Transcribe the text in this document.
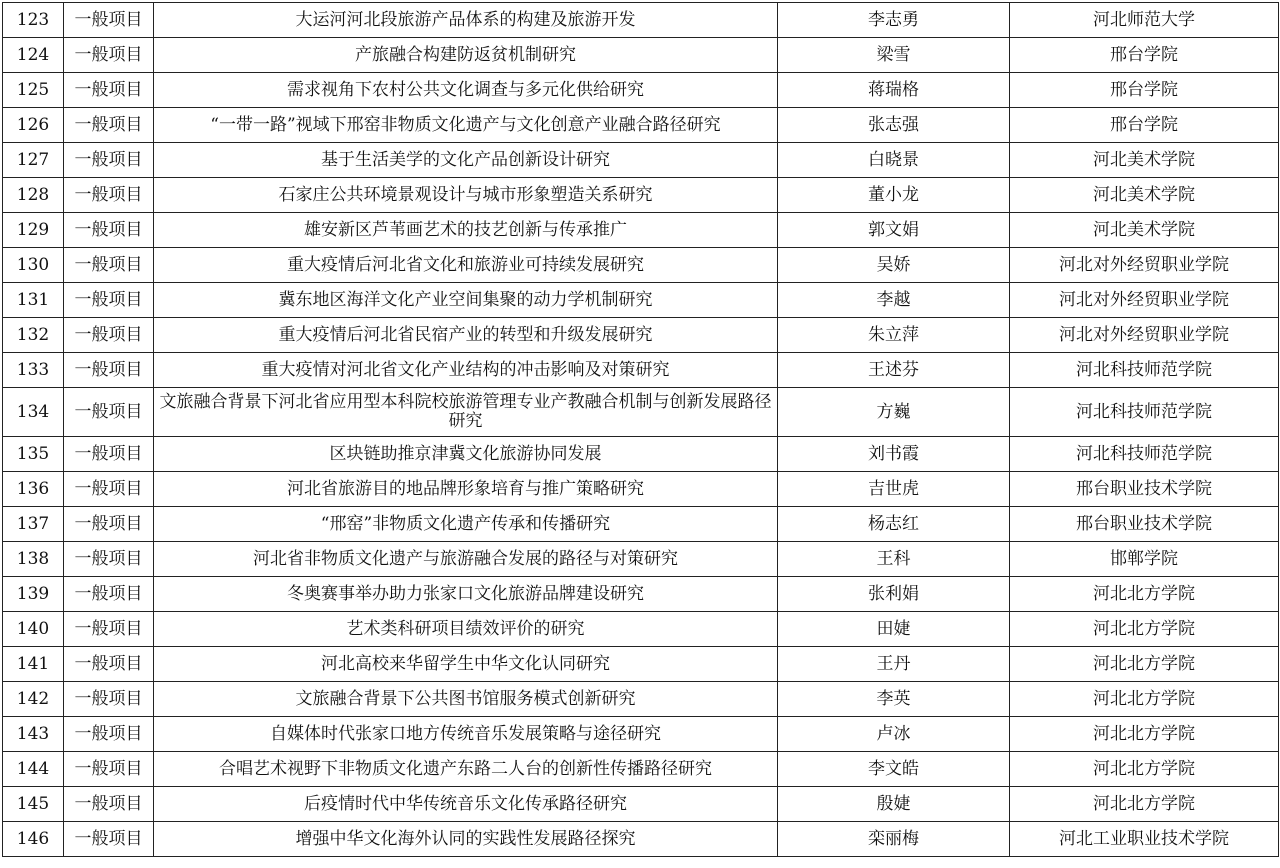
123	一般项目	大运河河北段旅游产品体系的构建及旅游开发	李志勇	河北师范大学
124	一般项目	产旅融合构建防返贫机制研究	梁雪	邢台学院
125	一般项目	需求视角下农村公共文化调查与多元化供给研究	蒋瑞格	邢台学院
126	一般项目	“一带一路”视域下邢窑非物质文化遗产与文化创意产业融合路径研究	张志强	邢台学院
127	一般项目	基于生活美学的文化产品创新设计研究	白晓景	河北美术学院
128	一般项目	石家庄公共环境景观设计与城市形象塑造关系研究	董小龙	河北美术学院
129	一般项目	雄安新区芦苇画艺术的技艺创新与传承推广	郭文娟	河北美术学院
130	一般项目	重大疫情后河北省文化和旅游业可持续发展研究	吴娇	河北对外经贸职业学院
131	一般项目	冀东地区海洋文化产业空间集聚的动力学机制研究	李越	河北对外经贸职业学院
132	一般项目	重大疫情后河北省民宿产业的转型和升级发展研究	朱立萍	河北对外经贸职业学院
133	一般项目	重大疫情对河北省文化产业结构的冲击影响及对策研究	王述芬	河北科技师范学院
134	一般项目	文旅融合背景下河北省应用型本科院校旅游管理专业产教融合机制与创新发展路径研究	方巍	河北科技师范学院
135	一般项目	区块链助推京津冀文化旅游协同发展	刘书霞	河北科技师范学院
136	一般项目	河北省旅游目的地品牌形象培育与推广策略研究	吉世虎	邢台职业技术学院
137	一般项目	“邢窑”非物质文化遗产传承和传播研究	杨志红	邢台职业技术学院
138	一般项目	河北省非物质文化遗产与旅游融合发展的路径与对策研究	王科	邯郸学院
139	一般项目	冬奥赛事举办助力张家口文化旅游品牌建设研究	张利娟	河北北方学院
140	一般项目	艺术类科研项目绩效评价的研究	田婕	河北北方学院
141	一般项目	河北高校来华留学生中华文化认同研究	王丹	河北北方学院
142	一般项目	文旅融合背景下公共图书馆服务模式创新研究	李英	河北北方学院
143	一般项目	自媒体时代张家口地方传统音乐发展策略与途径研究	卢冰	河北北方学院
144	一般项目	合唱艺术视野下非物质文化遗产东路二人台的创新性传播路径研究	李文皓	河北北方学院
145	一般项目	后疫情时代中华传统音乐文化传承路径研究	殷婕	河北北方学院
146	一般项目	增强中华文化海外认同的实践性发展路径探究	栾丽梅	河北工业职业技术学院
